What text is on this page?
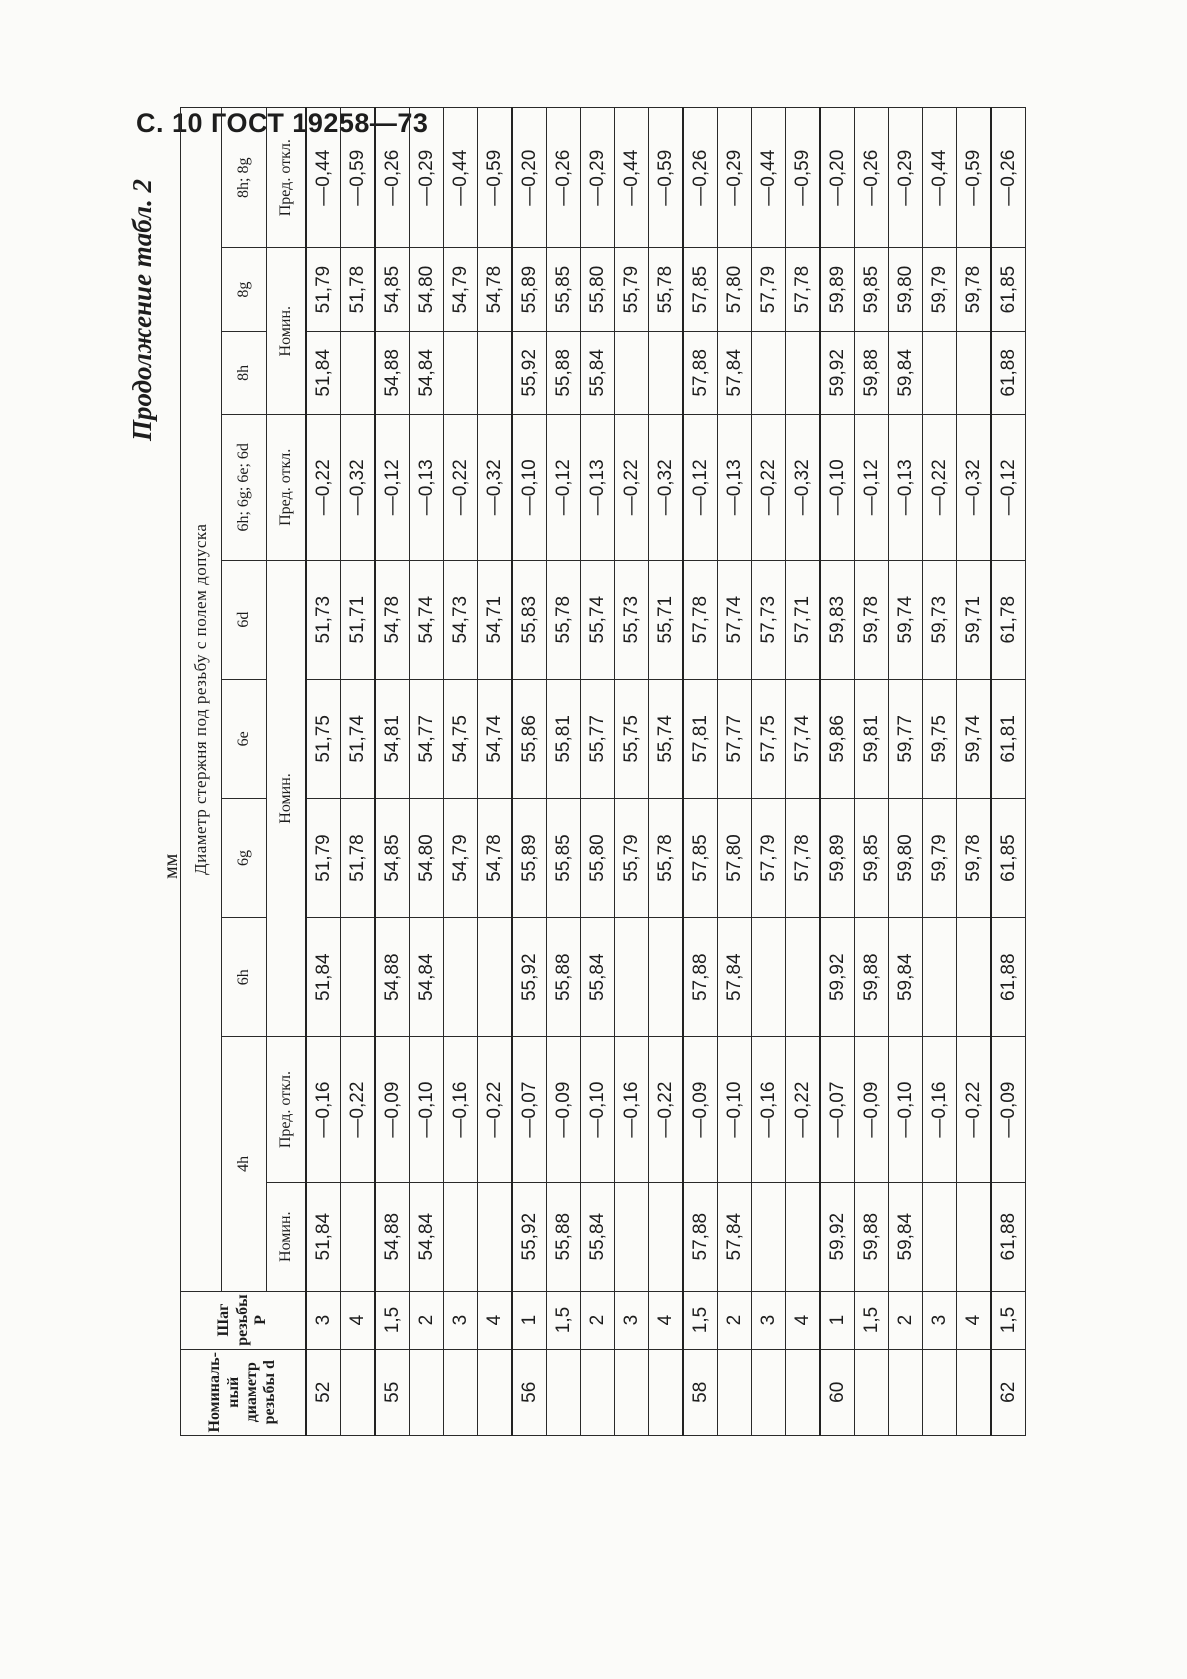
С. 10 ГОСТ 19258—73
Продолжение табл. 2
мм
Номиналь-ный диаметр резьбы d	Шаг резьбы P	Диаметр стержня под резьбу с полем допуска									
		4h		6h	6g	6e	6d	6h; 6g; 6e; 6d	8h	8g	8h; 8g
		Номин.	Пред. откл.	Номин.				Пред. откл.	Номин.		Пред. откл.
52	3	51,84	—0,16	51,84	51,79	51,75	51,73	—0,22	51,84	51,79	—0,44
	4		—0,22		51,78	51,74	51,71	—0,32		51,78	—0,59
55	1,5	54,88	—0,09	54,88	54,85	54,81	54,78	—0,12	54,88	54,85	—0,26
	2	54,84	—0,10	54,84	54,80	54,77	54,74	—0,13	54,84	54,80	—0,29
	3		—0,16		54,79	54,75	54,73	—0,22		54,79	—0,44
	4		—0,22		54,78	54,74	54,71	—0,32		54,78	—0,59
56	1	55,92	—0,07	55,92	55,89	55,86	55,83	—0,10	55,92	55,89	—0,20
	1,5	55,88	—0,09	55,88	55,85	55,81	55,78	—0,12	55,88	55,85	—0,26
	2	55,84	—0,10	55,84	55,80	55,77	55,74	—0,13	55,84	55,80	—0,29
	3		—0,16		55,79	55,75	55,73	—0,22		55,79	—0,44
	4		—0,22		55,78	55,74	55,71	—0,32		55,78	—0,59
58	1,5	57,88	—0,09	57,88	57,85	57,81	57,78	—0,12	57,88	57,85	—0,26
	2	57,84	—0,10	57,84	57,80	57,77	57,74	—0,13	57,84	57,80	—0,29
	3		—0,16		57,79	57,75	57,73	—0,22		57,79	—0,44
	4		—0,22		57,78	57,74	57,71	—0,32		57,78	—0,59
60	1	59,92	—0,07	59,92	59,89	59,86	59,83	—0,10	59,92	59,89	—0,20
	1,5	59,88	—0,09	59,88	59,85	59,81	59,78	—0,12	59,88	59,85	—0,26
	2	59,84	—0,10	59,84	59,80	59,77	59,74	—0,13	59,84	59,80	—0,29
	3		—0,16		59,79	59,75	59,73	—0,22		59,79	—0,44
	4		—0,22		59,78	59,74	59,71	—0,32		59,78	—0,59
62	1,5	61,88	—0,09	61,88	61,85	61,81	61,78	—0,12	61,88	61,85	—0,26
